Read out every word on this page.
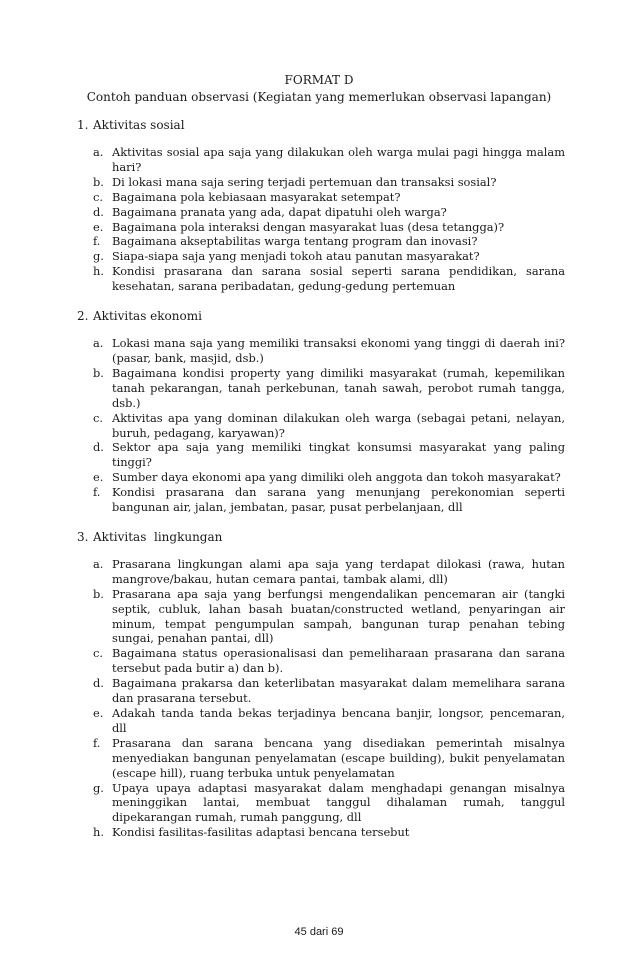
FORMAT D
Contoh panduan observasi (Kegiatan yang memerlukan observasi lapangan)
1. Aktivitas sosial
a. Aktivitas sosial apa saja yang dilakukan oleh warga mulai pagi hingga malam hari?
b. Di lokasi mana saja sering terjadi pertemuan dan transaksi sosial?
c. Bagaimana pola kebiasaan masyarakat setempat?
d. Bagaimana pranata yang ada, dapat dipatuhi oleh warga?
e. Bagaimana pola interaksi dengan masyarakat luas (desa tetangga)?
f.	Bagaimana akseptabilitas warga tentang program dan inovasi?
g. Siapa-siapa saja yang menjadi tokoh atau panutan masyarakat?
h. Kondisi prasarana dan sarana sosial seperti sarana pendidikan, sarana kesehatan, sarana peribadatan, gedung-gedung pertemuan
2. Aktivitas ekonomi
a. Lokasi mana saja yang memiliki transaksi ekonomi yang tinggi di daerah ini? (pasar, bank, masjid, dsb.)
b. Bagaimana kondisi property yang dimiliki masyarakat (rumah, kepemilikan tanah pekarangan, tanah perkebunan, tanah sawah, perobot rumah tangga, dsb.)
c. Aktivitas apa yang dominan dilakukan oleh warga (sebagai petani, nelayan, buruh, pedagang, karyawan)?
d. Sektor apa saja yang memiliki tingkat konsumsi masyarakat yang paling tinggi?
e. Sumber daya ekonomi apa yang dimiliki oleh anggota dan tokoh masyarakat?
f.	Kondisi prasarana dan sarana yang menunjang perekonomian seperti bangunan air, jalan, jembatan, pasar, pusat perbelanjaan, dll
3. Aktivitas  lingkungan
a. Prasarana lingkungan alami apa saja yang terdapat dilokasi (rawa, hutan mangrove/bakau, hutan cemara pantai, tambak alami, dll)
b. Prasarana apa saja yang berfungsi mengendalikan pencemaran air (tangki septik, cubluk, lahan basah buatan/constructed wetland, penyaringan air minum, tempat pengumpulan sampah, bangunan turap penahan tebing sungai, penahan pantai, dll)
c. Bagaimana status operasionalisasi dan pemeliharaan prasarana dan sarana tersebut pada butir a) dan b).
d. Bagaimana prakarsa dan keterlibatan masyarakat dalam memelihara sarana dan prasarana tersebut.
e. Adakah tanda tanda bekas terjadinya bencana banjir, longsor, pencemaran, dll
f.	Prasarana dan sarana bencana yang disediakan pemerintah misalnya menyediakan bangunan penyelamatan (escape building), bukit penyelamatan (escape hill), ruang terbuka untuk penyelamatan
g. Upaya upaya adaptasi masyarakat dalam menghadapi genangan misalnya meninggikan lantai, membuat tanggul dihalaman rumah, tanggul dipekarangan rumah, rumah panggung, dll
h. Kondisi fasilitas-fasilitas adaptasi bencana tersebut
45 dari 69
